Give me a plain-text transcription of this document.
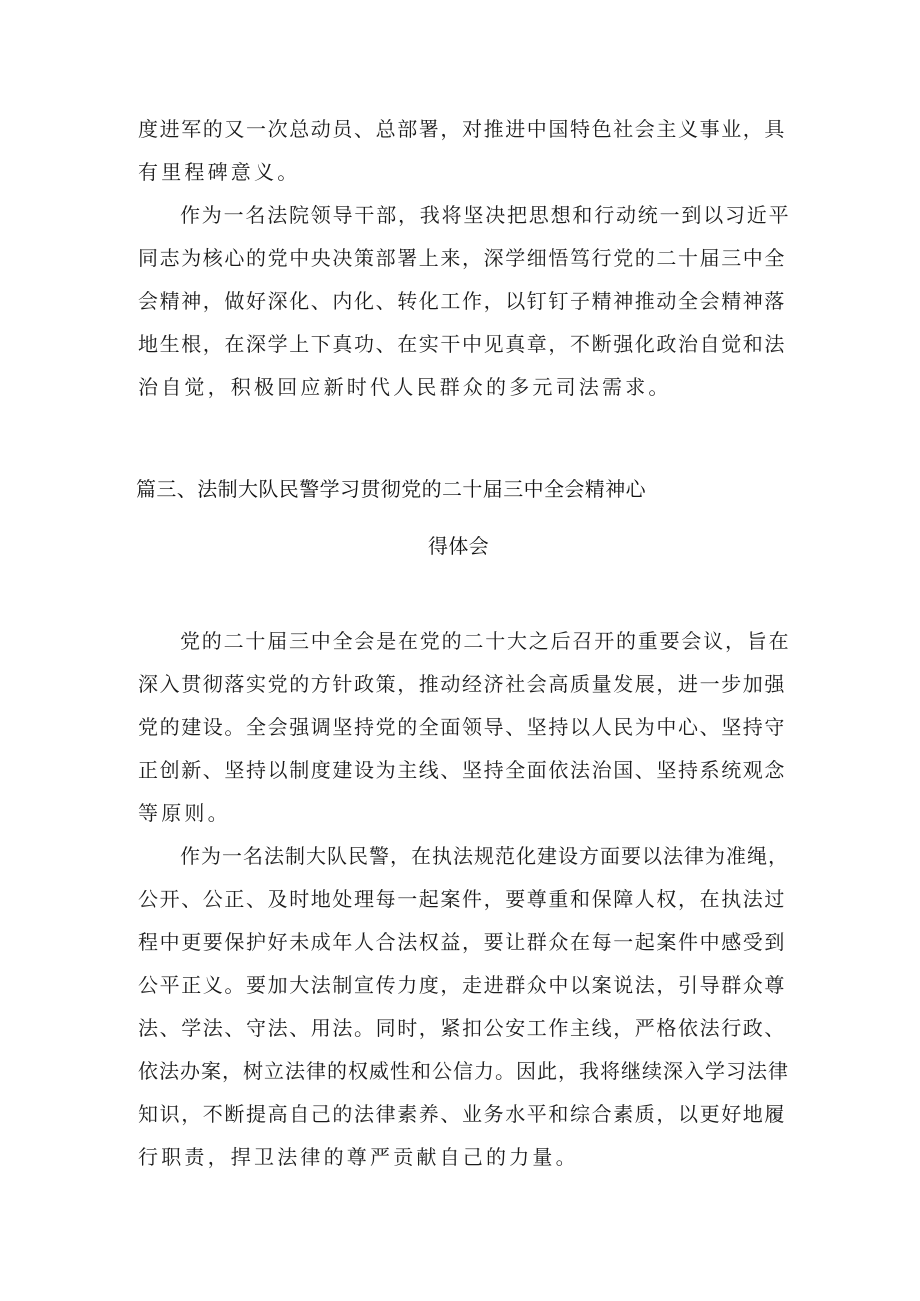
度进军的又一次总动员、总部署，对推进中国特色社会主义事业，具
有里程碑意义。
作为一名法院领导干部，我将坚决把思想和行动统一到以习近平
同志为核心的党中央决策部署上来，深学细悟笃行党的二十届三中全
会精神，做好深化、内化、转化工作，以钉钉子精神推动全会精神落
地生根，在深学上下真功、在实干中见真章，不断强化政治自觉和法
治自觉，积极回应新时代人民群众的多元司法需求。
篇三、法制大队民警学习贯彻党的二十届三中全会精神心
得体会
党的二十届三中全会是在党的二十大之后召开的重要会议，旨在
深入贯彻落实党的方针政策，推动经济社会高质量发展，进一步加强
党的建设。全会强调坚持党的全面领导、坚持以人民为中心、坚持守
正创新、坚持以制度建设为主线、坚持全面依法治国、坚持系统观念
等原则。
作为一名法制大队民警，在执法规范化建设方面要以法律为准绳，
公开、公正、及时地处理每一起案件，要尊重和保障人权，在执法过
程中更要保护好未成年人合法权益，要让群众在每一起案件中感受到
公平正义。要加大法制宣传力度，走进群众中以案说法，引导群众尊
法、学法、守法、用法。同时，紧扣公安工作主线，严格依法行政、
依法办案，树立法律的权威性和公信力。因此，我将继续深入学习法律
知识，不断提高自己的法律素养、业务水平和综合素质，以更好地履
行职责，捍卫法律的尊严贡献自己的力量。
